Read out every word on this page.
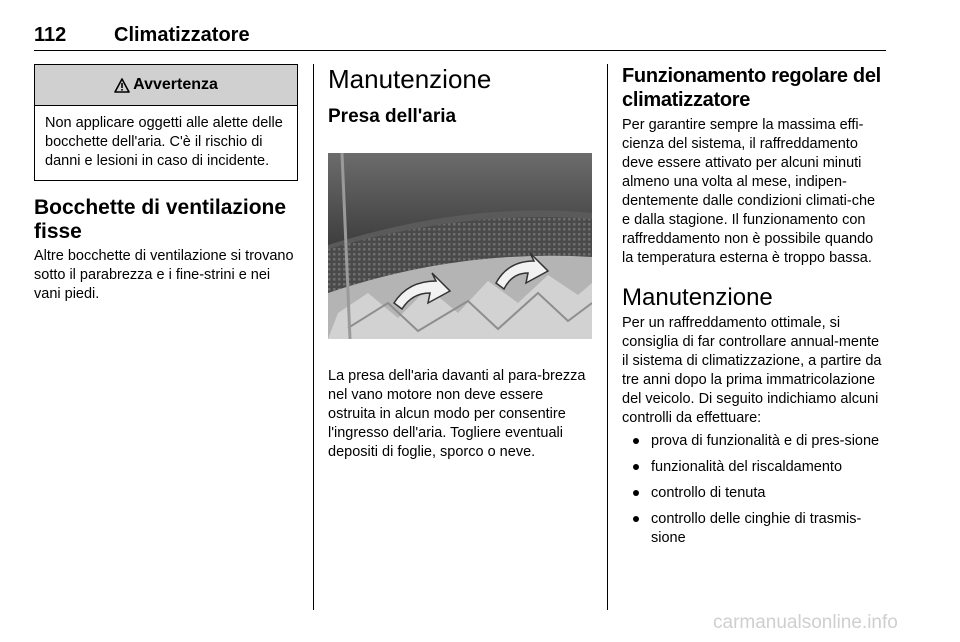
112 Climatizzatore
Avvertenza
Non applicare oggetti alle alette delle bocchette dell'aria. C'è il rischio di danni e lesioni in caso di incidente.
Bocchette di ventilazione fisse

Altre bocchette di ventilazione si trovano sotto il parabrezza e i fine-strini e nei vani piedi.

Manutenzione
Presa dell'aria

La presa dell'aria davanti al para-brezza nel vano motore non deve essere ostruita in alcun modo per consentire l'ingresso dell'aria. Togliere eventuali depositi di foglie, sporco o neve.

Funzionamento regolare del climatizzatore

Per garantire sempre la massima effi-cienza del sistema, il raffreddamento deve essere attivato per alcuni minuti almeno una volta al mese, indipen-dentemente dalle condizioni climati-che e dalla stagione. Il funzionamento con raffreddamento non è possibile quando la temperatura esterna è troppo bassa.

Manutenzione

Per un raffreddamento ottimale, si consiglia di far controllare annual-mente il sistema di climatizzazione, a partire da tre anni dopo la prima immatricolazione del veicolo. Di seguito indichiamo alcuni controlli da effettuare:

prova di funzionalità e di pres-sione
funzionalità del riscaldamento
controllo di tenuta
controllo delle cinghie di trasmis-sione
carmanualsonline.info
